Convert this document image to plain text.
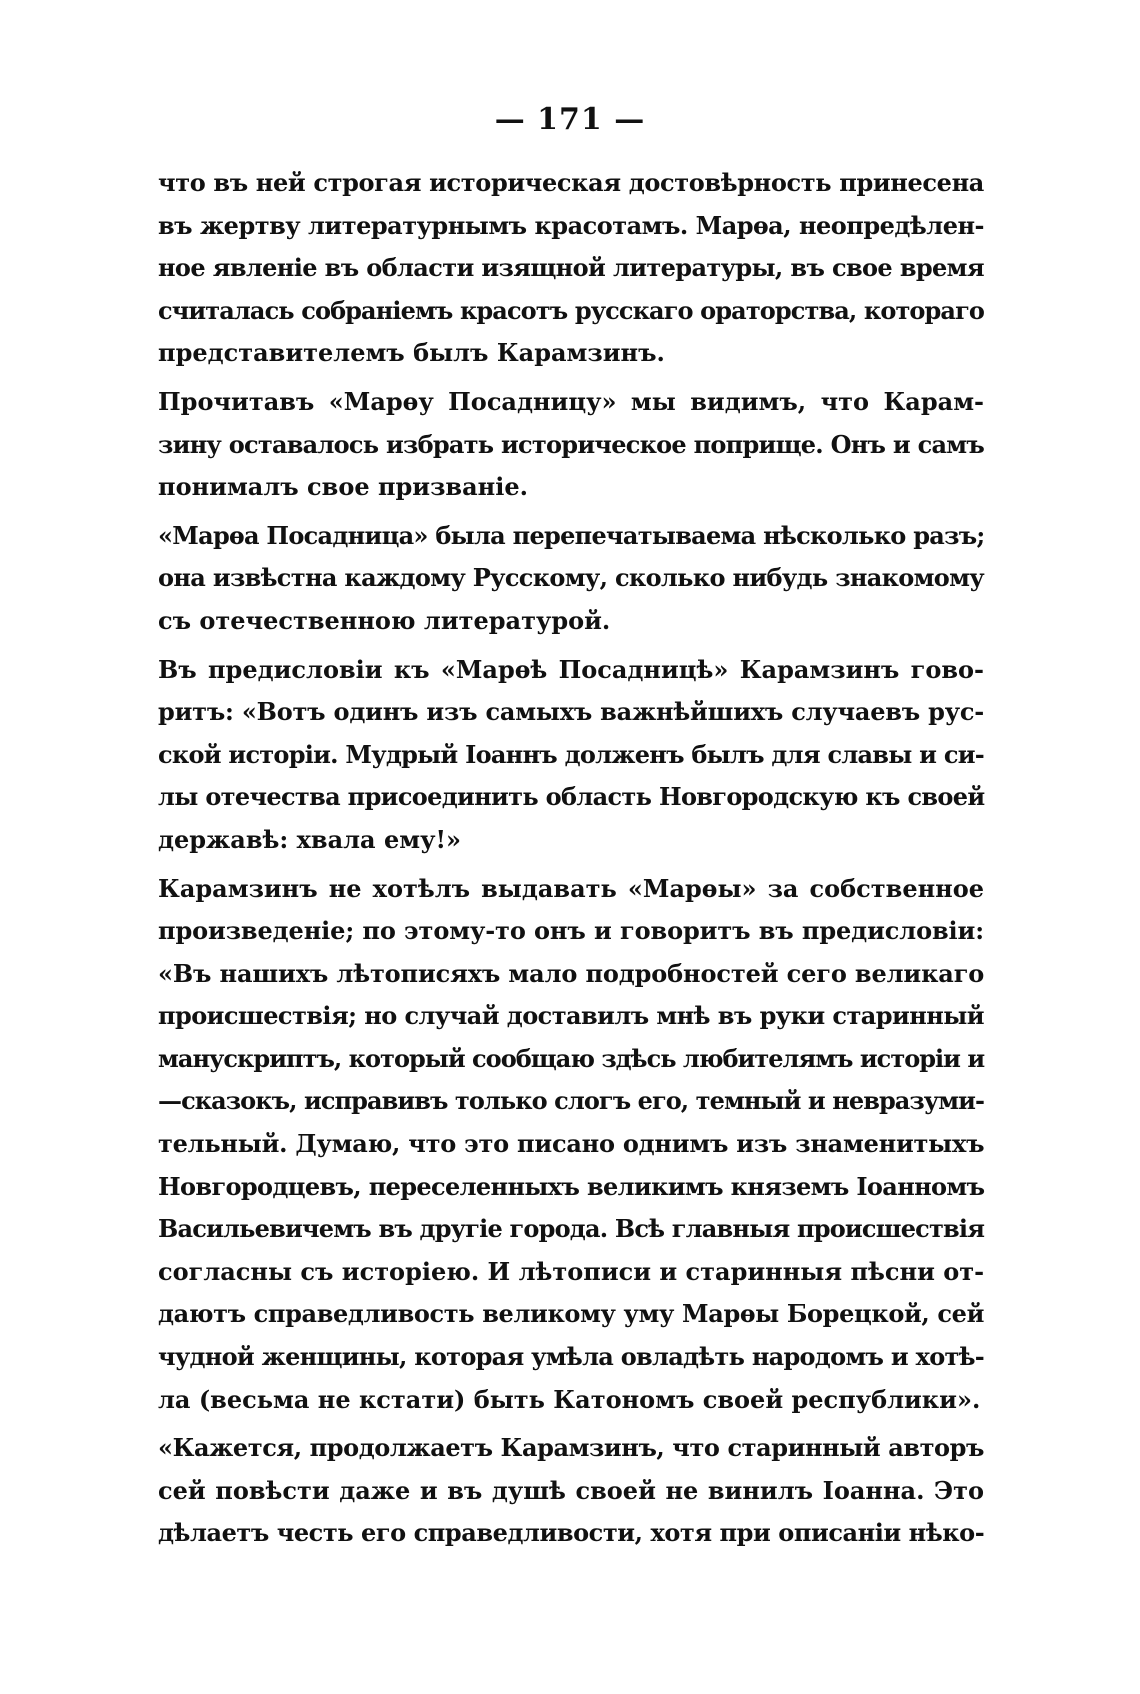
— 171 —
что въ ней строгая историческая достовѣрность принесена
въ жертву литературнымъ красотамъ. Марѳа, неопредѣлен-
ное явленіе въ области изящной литературы, въ свое время
считалась собраніемъ красотъ русскаго ораторства, котораго
представителемъ былъ Карамзинъ.
Прочитавъ «Марѳу Посадницу» мы видимъ, что Карам-
зину оставалось избрать историческое поприще. Онъ и самъ
понималъ свое призваніе.
«Марѳа Посадница» была перепечатываема нѣсколько разъ;
она извѣстна каждому Русскому, сколько нибудь знакомому
съ отечественною литературой.
Въ предисловіи къ «Марѳѣ Посадницѣ» Карамзинъ гово-
ритъ: «Вотъ одинъ изъ самыхъ важнѣйшихъ случаевъ рус-
ской исторіи. Мудрый Іоаннъ долженъ былъ для славы и си-
лы отечества присоединить область Новгородскую къ своей
державѣ: хвала ему!»
Карамзинъ не хотѣлъ выдавать «Марѳы» за собственное
произведеніе; по этому-то онъ и говоритъ въ предисловіи:
«Въ нашихъ лѣтописяхъ мало подробностей сего великаго
происшествія; но случай доставилъ мнѣ въ руки старинный
манускриптъ, который сообщаю здѣсь любителямъ исторіи и
—сказокъ, исправивъ только слогъ его, темный и невразуми-
тельный. Думаю, что это писано однимъ изъ знаменитыхъ
Новгородцевъ, переселенныхъ великимъ княземъ Іоанномъ
Васильевичемъ въ другіе города. Всѣ главныя происшествія
согласны съ исторіею. И лѣтописи и старинныя пѣсни от-
даютъ справедливость великому уму Марѳы Борецкой, сей
чудной женщины, которая умѣла овладѣть народомъ и хотѣ-
ла (весьма не кстати) быть Катономъ своей республики».
«Кажется, продолжаетъ Карамзинъ, что старинный авторъ
сей повѣсти даже и въ душѣ своей не винилъ Іоанна. Это
дѣлаетъ честь его справедливости, хотя при описаніи нѣко-
